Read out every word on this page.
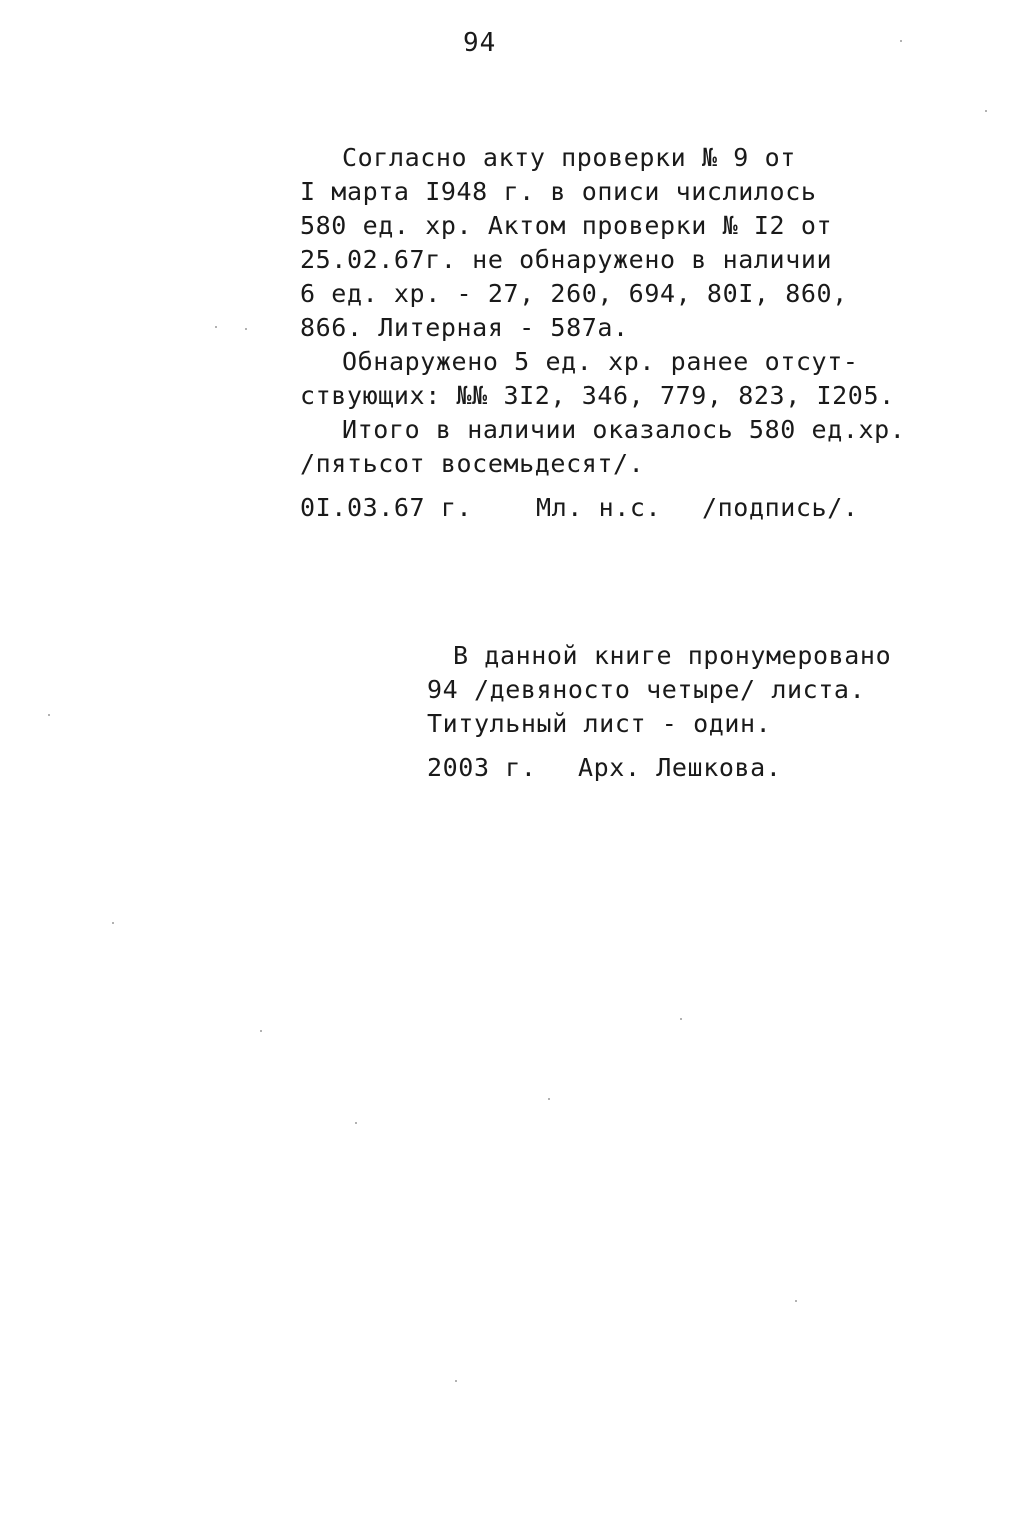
94
Согласно акту проверки № 9 от
I марта I948 г. в описи числилось
580 ед. хр. Актом проверки № I2 от
25.02.67г. не обнаружено в наличии
6 ед. хр. - 27, 260, 694, 80I, 860,
866. Литерная - 587а.
Обнаружено 5 ед. хр. ранее отсут-
ствующих: №№ 3I2, 346, 779, 823, I205.
Итого в наличии оказалось 580 ед.хр.
/пятьсот восемьдесят/.
0I.03.67 г.	Мл. н.с. /подпись/.
В данной книге пронумеровано
94 /девяносто четыре/ листа.
Титульный лист - один.
2003 г. Арх. Лешкова.
